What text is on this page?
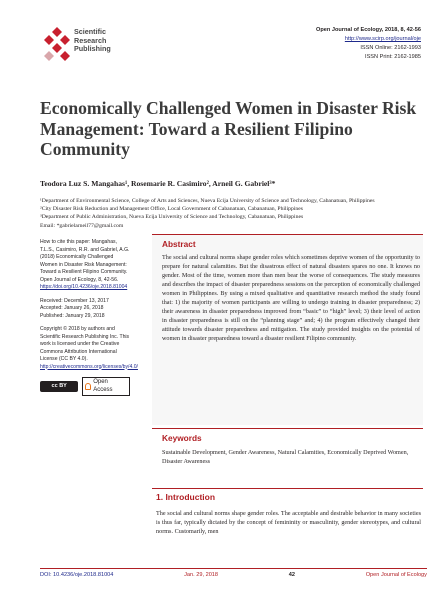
Scientific
Research
Publishing
Open Journal of Ecology, 2018, 8, 42-56
http://www.scirp.org/journal/oje
ISSN Online: 2162-1993
ISSN Print: 2162-1985
Economically Challenged Women in Disaster Risk Management: Toward a Resilient Filipino Community
Teodora Luz S. Mangahas¹, Rosemarie R. Casimiro², Arneil G. Gabriel³*
¹Department of Environmental Science, College of Arts and Sciences, Nueva Ecija University of Science and Technology, Cabanatuan, Philippines
²City Disaster Risk Reduction and Management Office, Local Government of Cabanatuan, Cabanatuan, Philippines
³Department of Public Administration, Nueva Ecija University of Science and Technology, Cabanatuan, Philippines
Email: *gabrielarneil77@gmail.com

How to cite this paper: Mangahas, T.L.S., Casimiro, R.R. and Gabriel, A.G. (2018) Economically Challenged Women in Disaster Risk Management: Toward a Resilient Filipino Community. Open Journal of Ecology, 8, 42-56.
https://doi.org/10.4236/oje.2018.81004

Received: December 13, 2017
Accepted: January 26, 2018
Published: January 29, 2018

Copyright © 2018 by authors and Scientific Research Publishing Inc. This work is licensed under the Creative Commons Attribution International License (CC BY 4.0).
http://creativecommons.org/licenses/by/4.0/

cc BY
Open Access
Abstract
The social and cultural norms shape gender roles which sometimes deprive women of the opportunity to prepare for natural calamities. But the disastrous effect of natural disasters spares no one. It knows no gender. Most of the time, women more than men bear the worse of consequences. The study measures and describes the impact of disaster preparedness sessions on the perception of economically challenged women in Philippines. By using a mixed qualitative and quantitative research method the study found that: 1) the majority of women participants are willing to undergo training in disaster preparedness; 2) their awareness in disaster preparedness improved from “basic” to “high” level; 3) their level of action in disaster preparedness is still on the “planning stage” and; 4) the program effectively changed their attitude towards disaster preparedness and mitigation. The study provided insights on the potential of women in disaster preparedness toward a disaster resilient Filipino community.
Keywords
Sustainable Development, Gender Awareness, Natural Calamities, Economically Deprived Women, Disaster Awareness
1. Introduction
The social and cultural norms shape gender roles. The acceptable and desirable behavior in many societies is thus far, typically dictated by the concept of femininity or masculinity, gender stereotypes, and cultural norms. Customarily, men
DOI: 10.4236/oje.2018.81004	Jan. 29, 2018	42	Open Journal of Ecology
